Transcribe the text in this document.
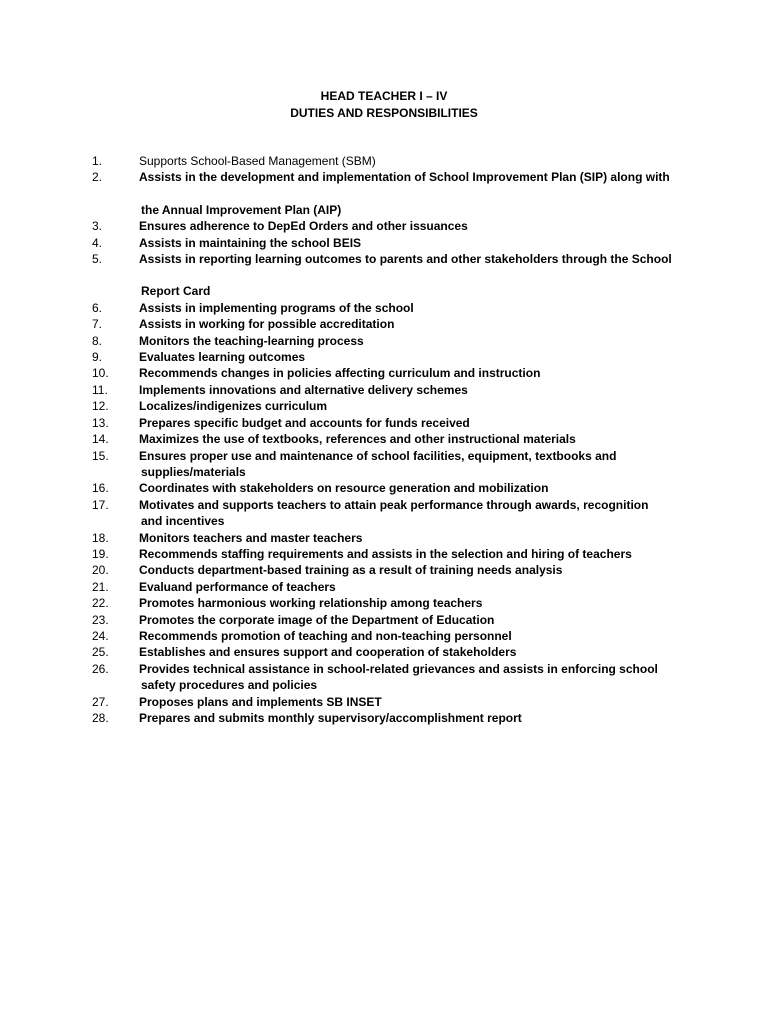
HEAD TEACHER I – IV
DUTIES AND RESPONSIBILITIES
1.	Supports School-Based Management (SBM)
2.	Assists in the development and implementation of School Improvement Plan (SIP) along with
the Annual Improvement Plan (AIP)
3.	Ensures adherence to DepEd Orders and other issuances
4.	Assists in maintaining the school BEIS
5.	Assists in reporting learning outcomes to parents and other stakeholders through the School
Report Card
6.	Assists in implementing programs of the school
7.	Assists in working for possible accreditation
8.	Monitors the teaching-learning process
9.	Evaluates learning outcomes
10.	Recommends changes in policies affecting curriculum and instruction
11.	Implements innovations and alternative delivery schemes
12.	Localizes/indigenizes curriculum
13.	Prepares specific budget and accounts for funds received
14.	Maximizes the use of textbooks, references and other instructional materials
15.	Ensures proper use and maintenance of school facilities, equipment, textbooks and
supplies/materials
16.	Coordinates with stakeholders on resource generation and mobilization
17.	Motivates and supports teachers to attain peak performance through awards, recognition
and incentives
18.	Monitors teachers and master teachers
19.	Recommends staffing requirements and assists in the selection and hiring of teachers
20.	Conducts department-based training as a result of training needs analysis
21.	Evaluand performance of teachers
22.	Promotes harmonious working relationship among teachers
23.	Promotes the corporate image of the Department of Education
24.	Recommends promotion of teaching and non-teaching personnel
25.	Establishes and ensures support and cooperation of stakeholders
26.	Provides technical assistance in school-related grievances and assists in enforcing school
safety procedures and policies
27.	Proposes plans and implements SB INSET
28.	Prepares and submits monthly supervisory/accomplishment report
